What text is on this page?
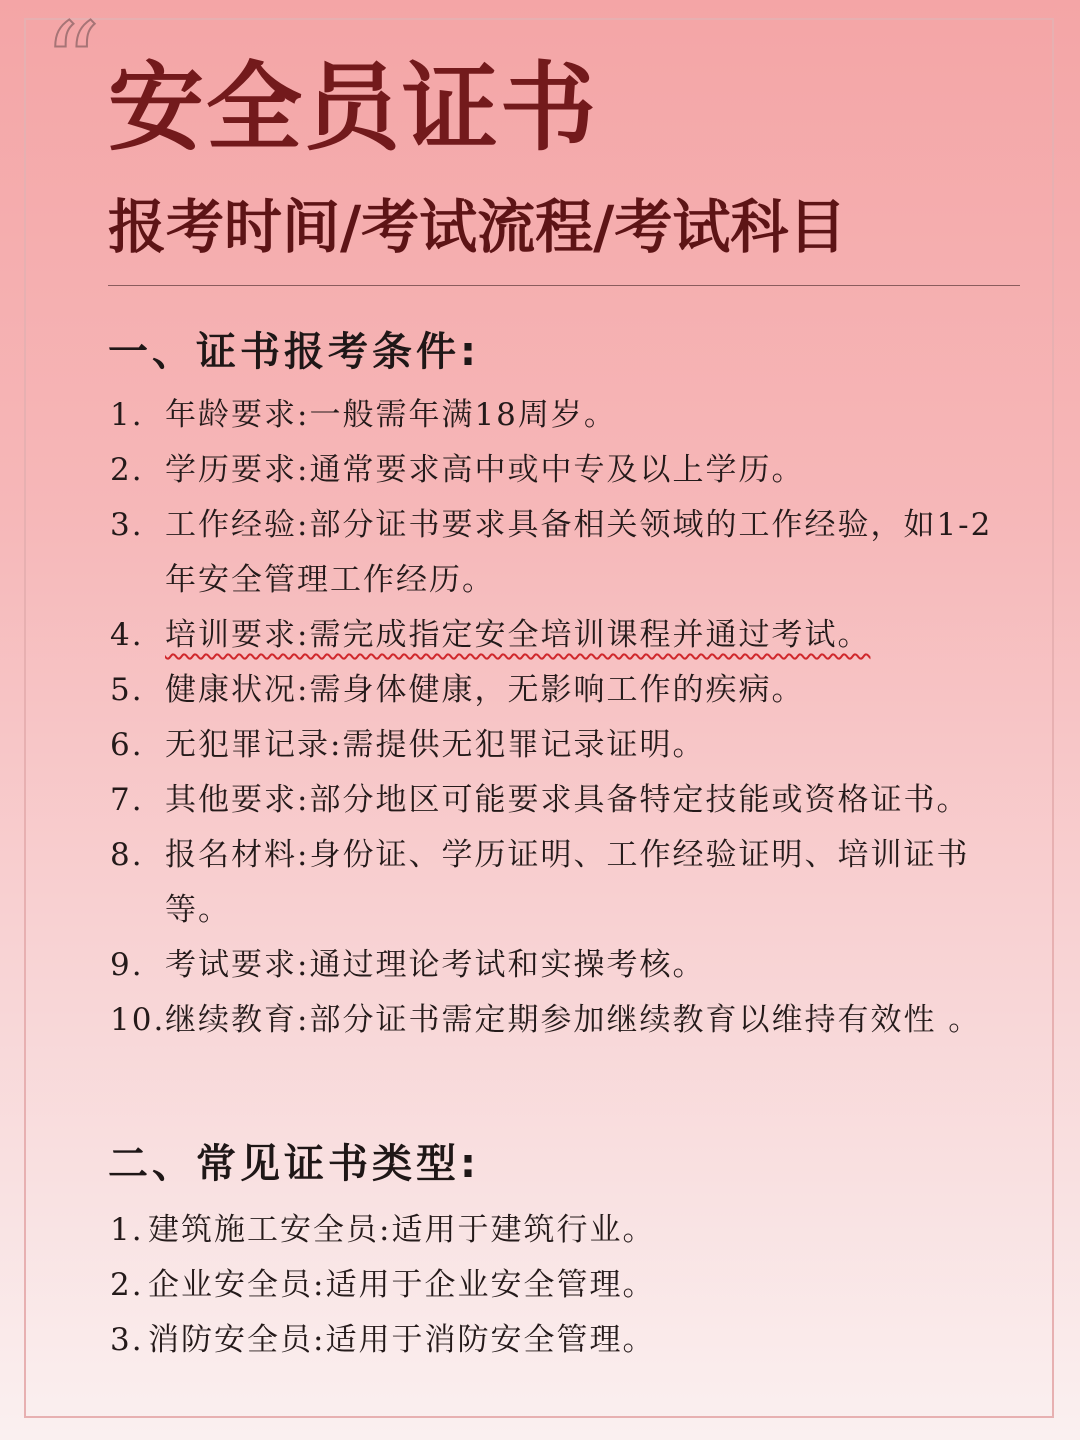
“ 安全员证书
报考时间/考试流程/考试科目
一、证书报考条件:
1. 年龄要求:一般需年满18周岁。
2. 学历要求:通常要求高中或中专及以上学历。
3. 工作经验:部分证书要求具备相关领域的工作经验，如1-2年安全管理工作经历。
4. 培训要求:需完成指定安全培训课程并通过考试。
5. 健康状况:需身体健康，无影响工作的疾病。
6. 无犯罪记录:需提供无犯罪记录证明。
7. 其他要求:部分地区可能要求具备特定技能或资格证书。
8. 报名材料:身份证、学历证明、工作经验证明、培训证书等。
9. 考试要求:通过理论考试和实操考核。
10. 继续教育:部分证书需定期参加继续教育以维持有效性 。
二、常见证书类型:
1. 建筑施工安全员:适用于建筑行业。
2. 企业安全员:适用于企业安全管理。
3. 消防安全员:适用于消防安全管理。
